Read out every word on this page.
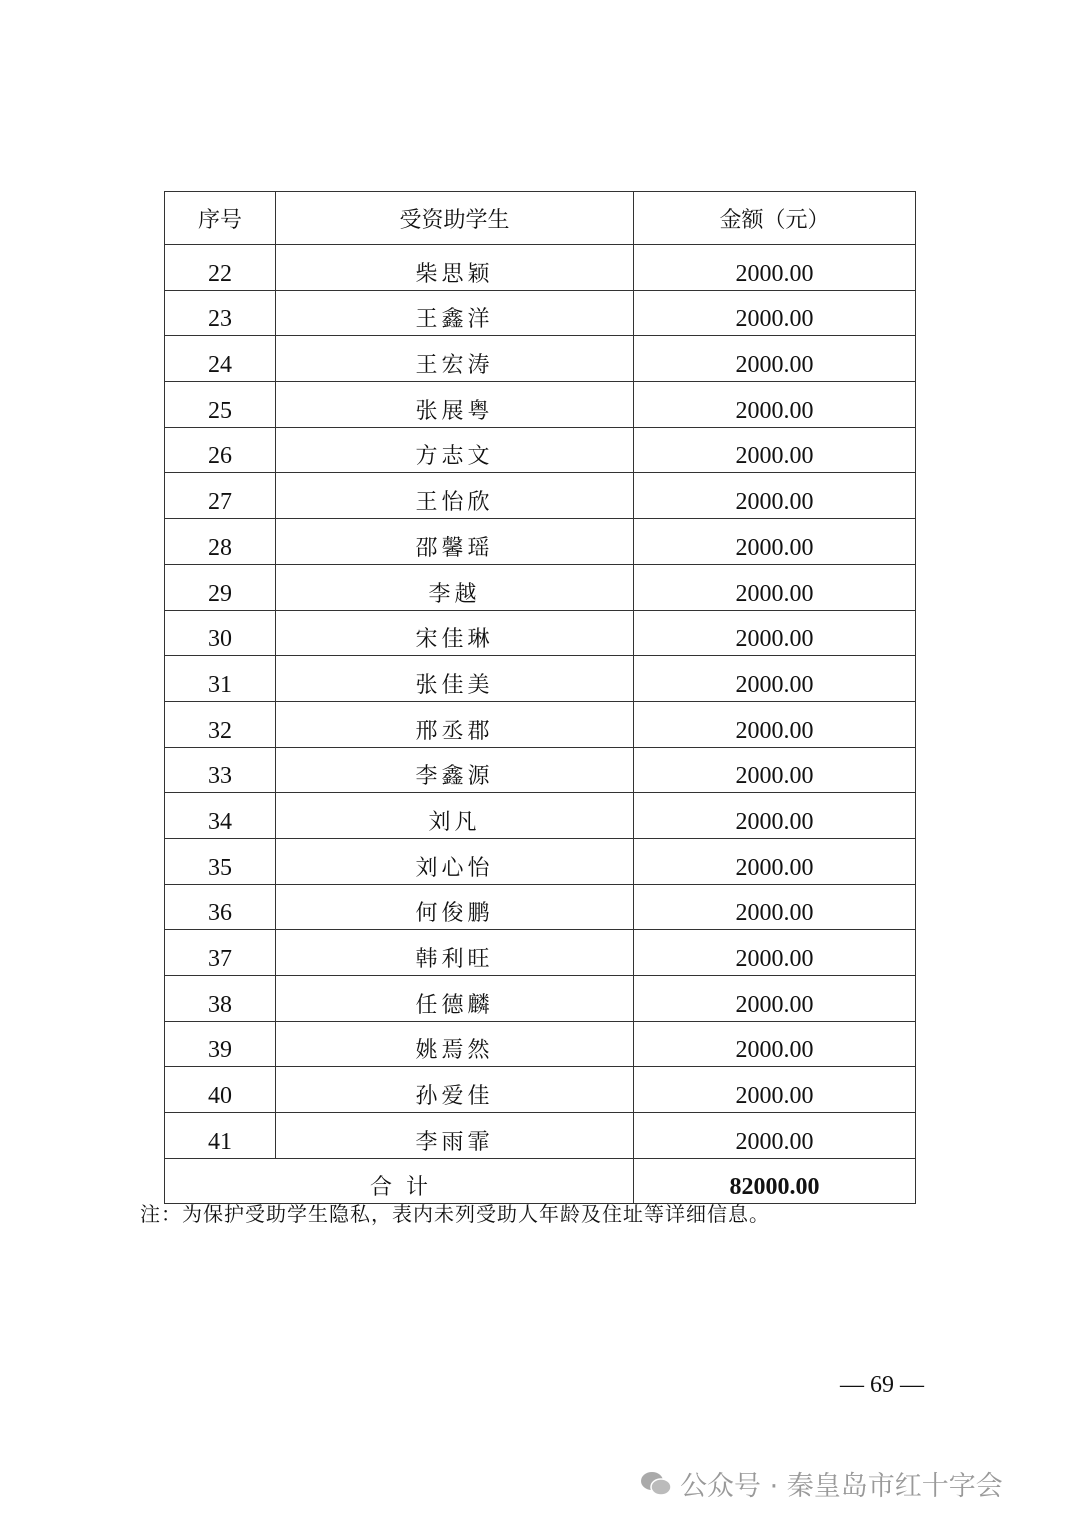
序号	受资助学生	金额（元）
22	柴思颖	2000.00
23	王鑫洋	2000.00
24	王宏涛	2000.00
25	张展粤	2000.00
26	方志文	2000.00
27	王怡欣	2000.00
28	邵馨瑶	2000.00
29	李越	2000.00
30	宋佳琳	2000.00
31	张佳美	2000.00
32	邢丞郡	2000.00
33	李鑫源	2000.00
34	刘凡	2000.00
35	刘心怡	2000.00
36	何俊鹏	2000.00
37	韩利旺	2000.00
38	任德麟	2000.00
39	姚焉然	2000.00
40	孙爱佳	2000.00
41	李雨霏	2000.00
合  计		82000.00
注：为保护受助学生隐私，表内未列受助人年龄及住址等详细信息。
— 69 —
公众号 · 秦皇岛市红十字会
